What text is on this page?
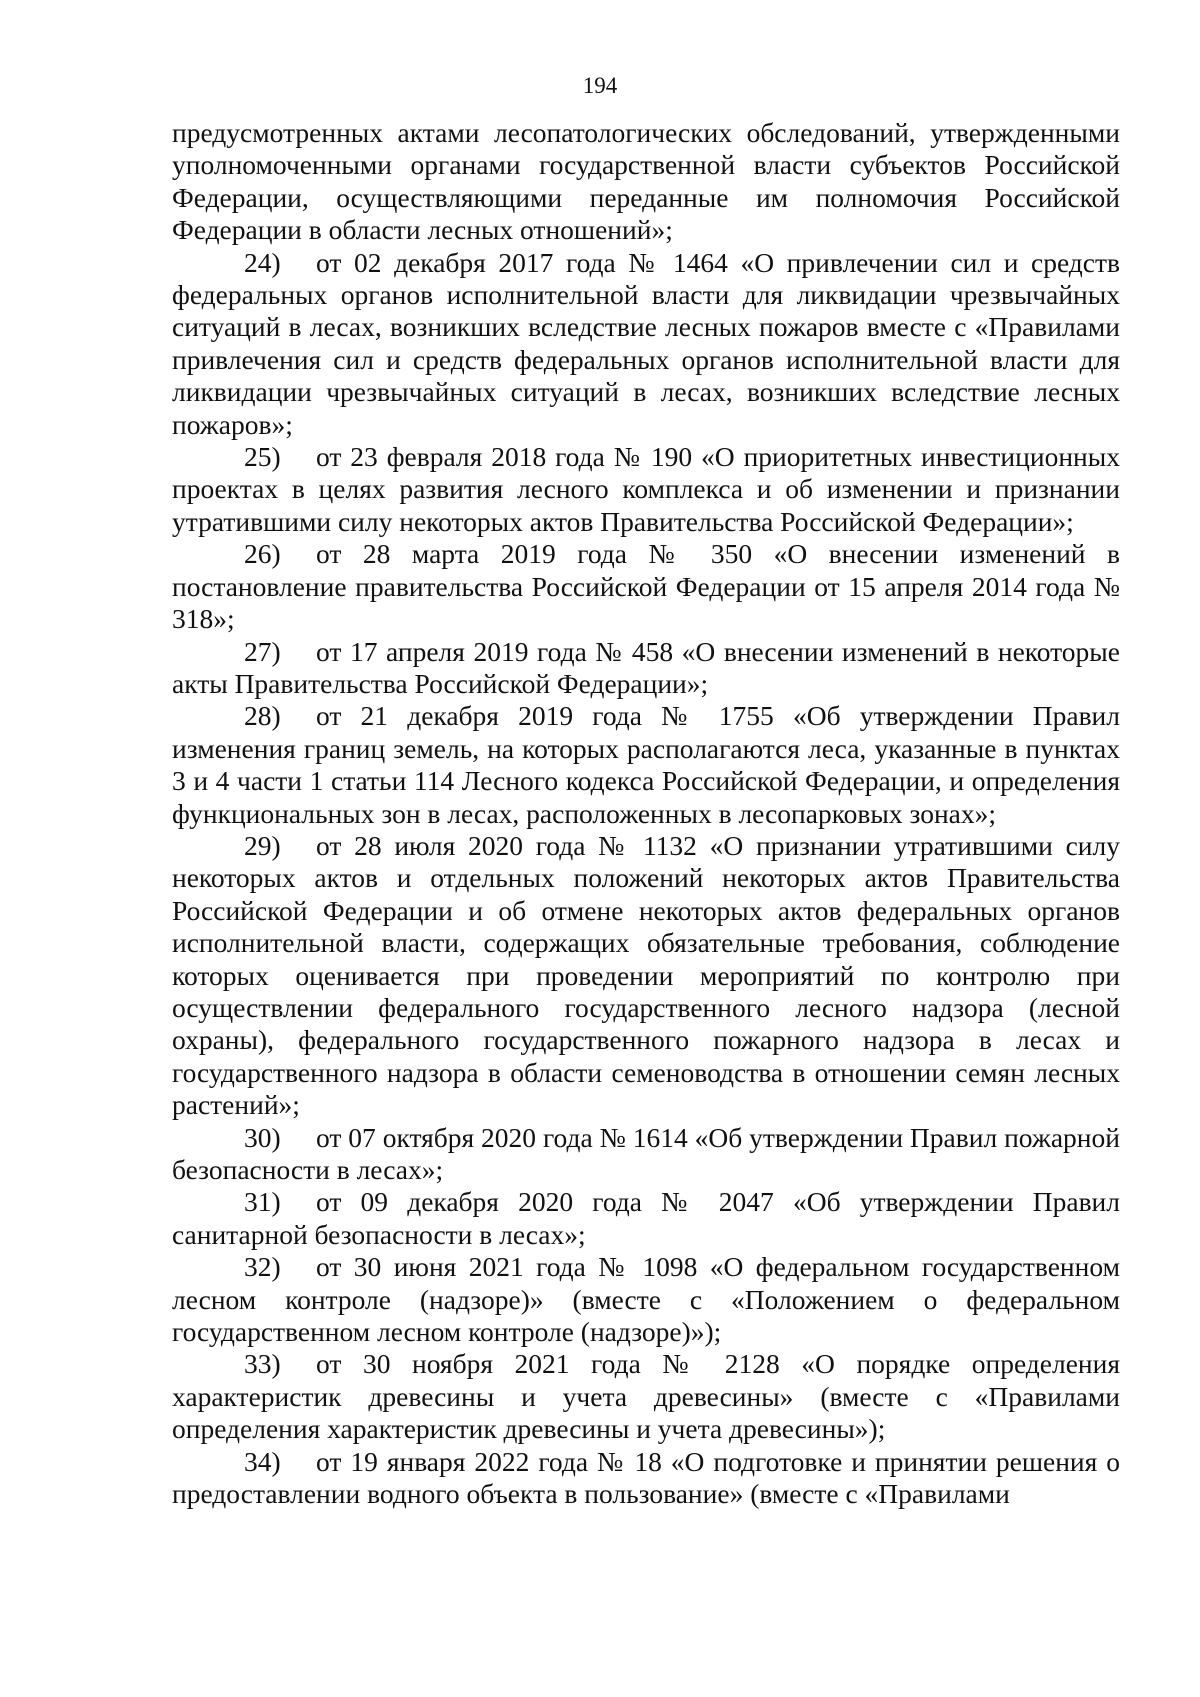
194

предусмотренных актами лесопатологических обследований, утвержденными уполномоченными органами государственной власти субъектов Российской Федерации, осуществляющими переданные им полномочия Российской Федерации в области лесных отношений»;

24) от 02 декабря 2017 года № 1464 «О привлечении сил и средств федеральных органов исполнительной власти для ликвидации чрезвычайных ситуаций в лесах, возникших вследствие лесных пожаров вместе с «Правилами привлечения сил и средств федеральных органов исполнительной власти для ликвидации чрезвычайных ситуаций в лесах, возникших вследствие лесных пожаров»;

25) от 23 февраля 2018 года № 190 «О приоритетных инвестиционных проектах в целях развития лесного комплекса и об изменении и признании утратившими силу некоторых актов Правительства Российской Федерации»;

26) от 28 марта 2019 года № 350 «О внесении изменений в постановление правительства Российской Федерации от 15 апреля 2014 года № 318»;

27) от 17 апреля 2019 года № 458 «О внесении изменений в некоторые акты Правительства Российской Федерации»;

28) от 21 декабря 2019 года № 1755 «Об утверждении Правил изменения границ земель, на которых располагаются леса, указанные в пунктах 3 и 4 части 1 статьи 114 Лесного кодекса Российской Федерации, и определения функциональных зон в лесах, расположенных в лесопарковых зонах»;

29) от 28 июля 2020 года № 1132 «О признании утратившими силу некоторых актов и отдельных положений некоторых актов Правительства Российской Федерации и об отмене некоторых актов федеральных органов исполнительной власти, содержащих обязательные требования, соблюдение которых оценивается при проведении мероприятий по контролю при осуществлении федерального государственного лесного надзора (лесной охраны), федерального государственного пожарного надзора в лесах и государственного надзора в области семеноводства в отношении семян лесных растений»;

30) от 07 октября 2020 года № 1614 «Об утверждении Правил пожарной безопасности в лесах»;

31) от 09 декабря 2020 года № 2047 «Об утверждении Правил санитарной безопасности в лесах»;

32) от 30 июня 2021 года № 1098 «О федеральном государственном лесном контроле (надзоре)» (вместе с «Положением о федеральном государственном лесном контроле (надзоре)»);

33) от 30 ноября 2021 года № 2128 «О порядке определения характеристик древесины и учета древесины» (вместе с «Правилами определения характеристик древесины и учета древесины»);

34) от 19 января 2022 года № 18 «О подготовке и принятии решения о предоставлении водного объекта в пользование» (вместе с «Правилами
